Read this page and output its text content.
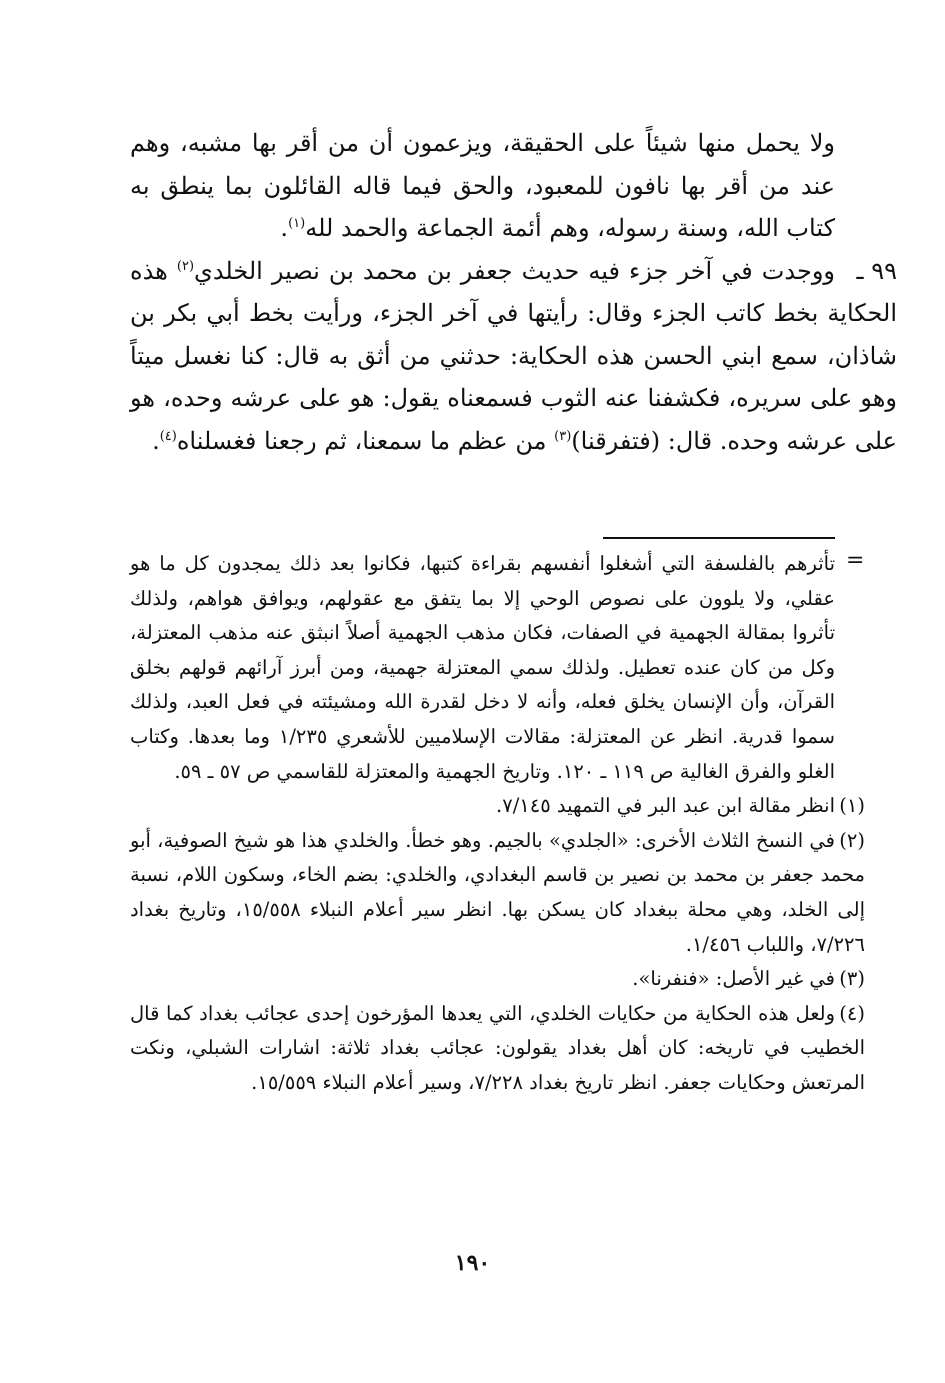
ولا يحمل منها شيئاً على الحقيقة، ويزعمون أن من أقر بها مشبه، وهم عند من أقر بها نافون للمعبود، والحق فيما قاله القائلون بما ينطق به كتاب الله، وسنة رسوله، وهم أئمة الجماعة والحمد لله$^{(١)}$.

٩٩ ـووجدت في آخر جزء فيه حديث جعفر بن محمد بن نصير الخلدي$^{(٢)}$ هذه الحكاية بخط كاتب الجزء وقال: رأيتها في آخر الجزء، ورأيت بخط أبي بكر بن شاذان، سمع ابني الحسن هذه الحكاية: حدثني من أثق به قال: كنا نغسل ميتاً وهو على سريره، فكشفنا عنه الثوب فسمعناه يقول: هو على عرشه وحده، هو على عرشه وحده. قال: (فتفرقنا)$^{(٣)}$ من عظم ما سمعنا، ثم رجعنا فغسلناه$^{(٤)}$.

=

تأثرهم بالفلسفة التي أشغلوا أنفسهم بقراءة كتبها، فكانوا بعد ذلك يمجدون كل ما هو عقلي، ولا يلوون على نصوص الوحي إلا بما يتفق مع عقولهم، ويوافق هواهم، ولذلك تأثروا بمقالة الجهمية في الصفات، فكان مذهب الجهمية أصلاً انبثق عنه مذهب المعتزلة، وكل من كان عنده تعطيل. ولذلك سمي المعتزلة جهمية، ومن أبرز آرائهم قولهم بخلق القرآن، وأن الإنسان يخلق فعله، وأنه لا دخل لقدرة الله ومشيئته في فعل العبد، ولذلك سموا قدرية. انظر عن المعتزلة: مقالات الإسلاميين للأشعري ١/٢٣٥ وما بعدها. وكتاب الغلو والفرق الغالية ص ١١٩ ـ ١٢٠. وتاريخ الجهمية والمعتزلة للقاسمي ص ٥٧ ـ ٥٩.

(١)انظر مقالة ابن عبد البر في التمهيد ٧/١٤٥.

(٢)في النسخ الثلاث الأخرى: «الجلدي» بالجيم. وهو خطأ. والخلدي هذا هو شيخ الصوفية، أبو محمد جعفر بن محمد بن نصير بن قاسم البغدادي، والخلدي: بضم الخاء، وسكون اللام، نسبة إلى الخلد، وهي محلة ببغداد كان يسكن بها. انظر سير أعلام النبلاء ١٥/٥٥٨، وتاريخ بغداد ٧/٢٢٦، واللباب ١/٤٥٦.

(٣)في غير الأصل: «فنفرنا».

(٤)ولعل هذه الحكاية من حكايات الخلدي، التي يعدها المؤرخون إحدى عجائب بغداد كما قال الخطيب في تاريخه: كان أهل بغداد يقولون: عجائب بغداد ثلاثة: اشارات الشبلي، ونكت المرتعش وحكايات جعفر. انظر تاريخ بغداد ٧/٢٢٨، وسير أعلام النبلاء ١٥/٥٥٩.

١٩٠
